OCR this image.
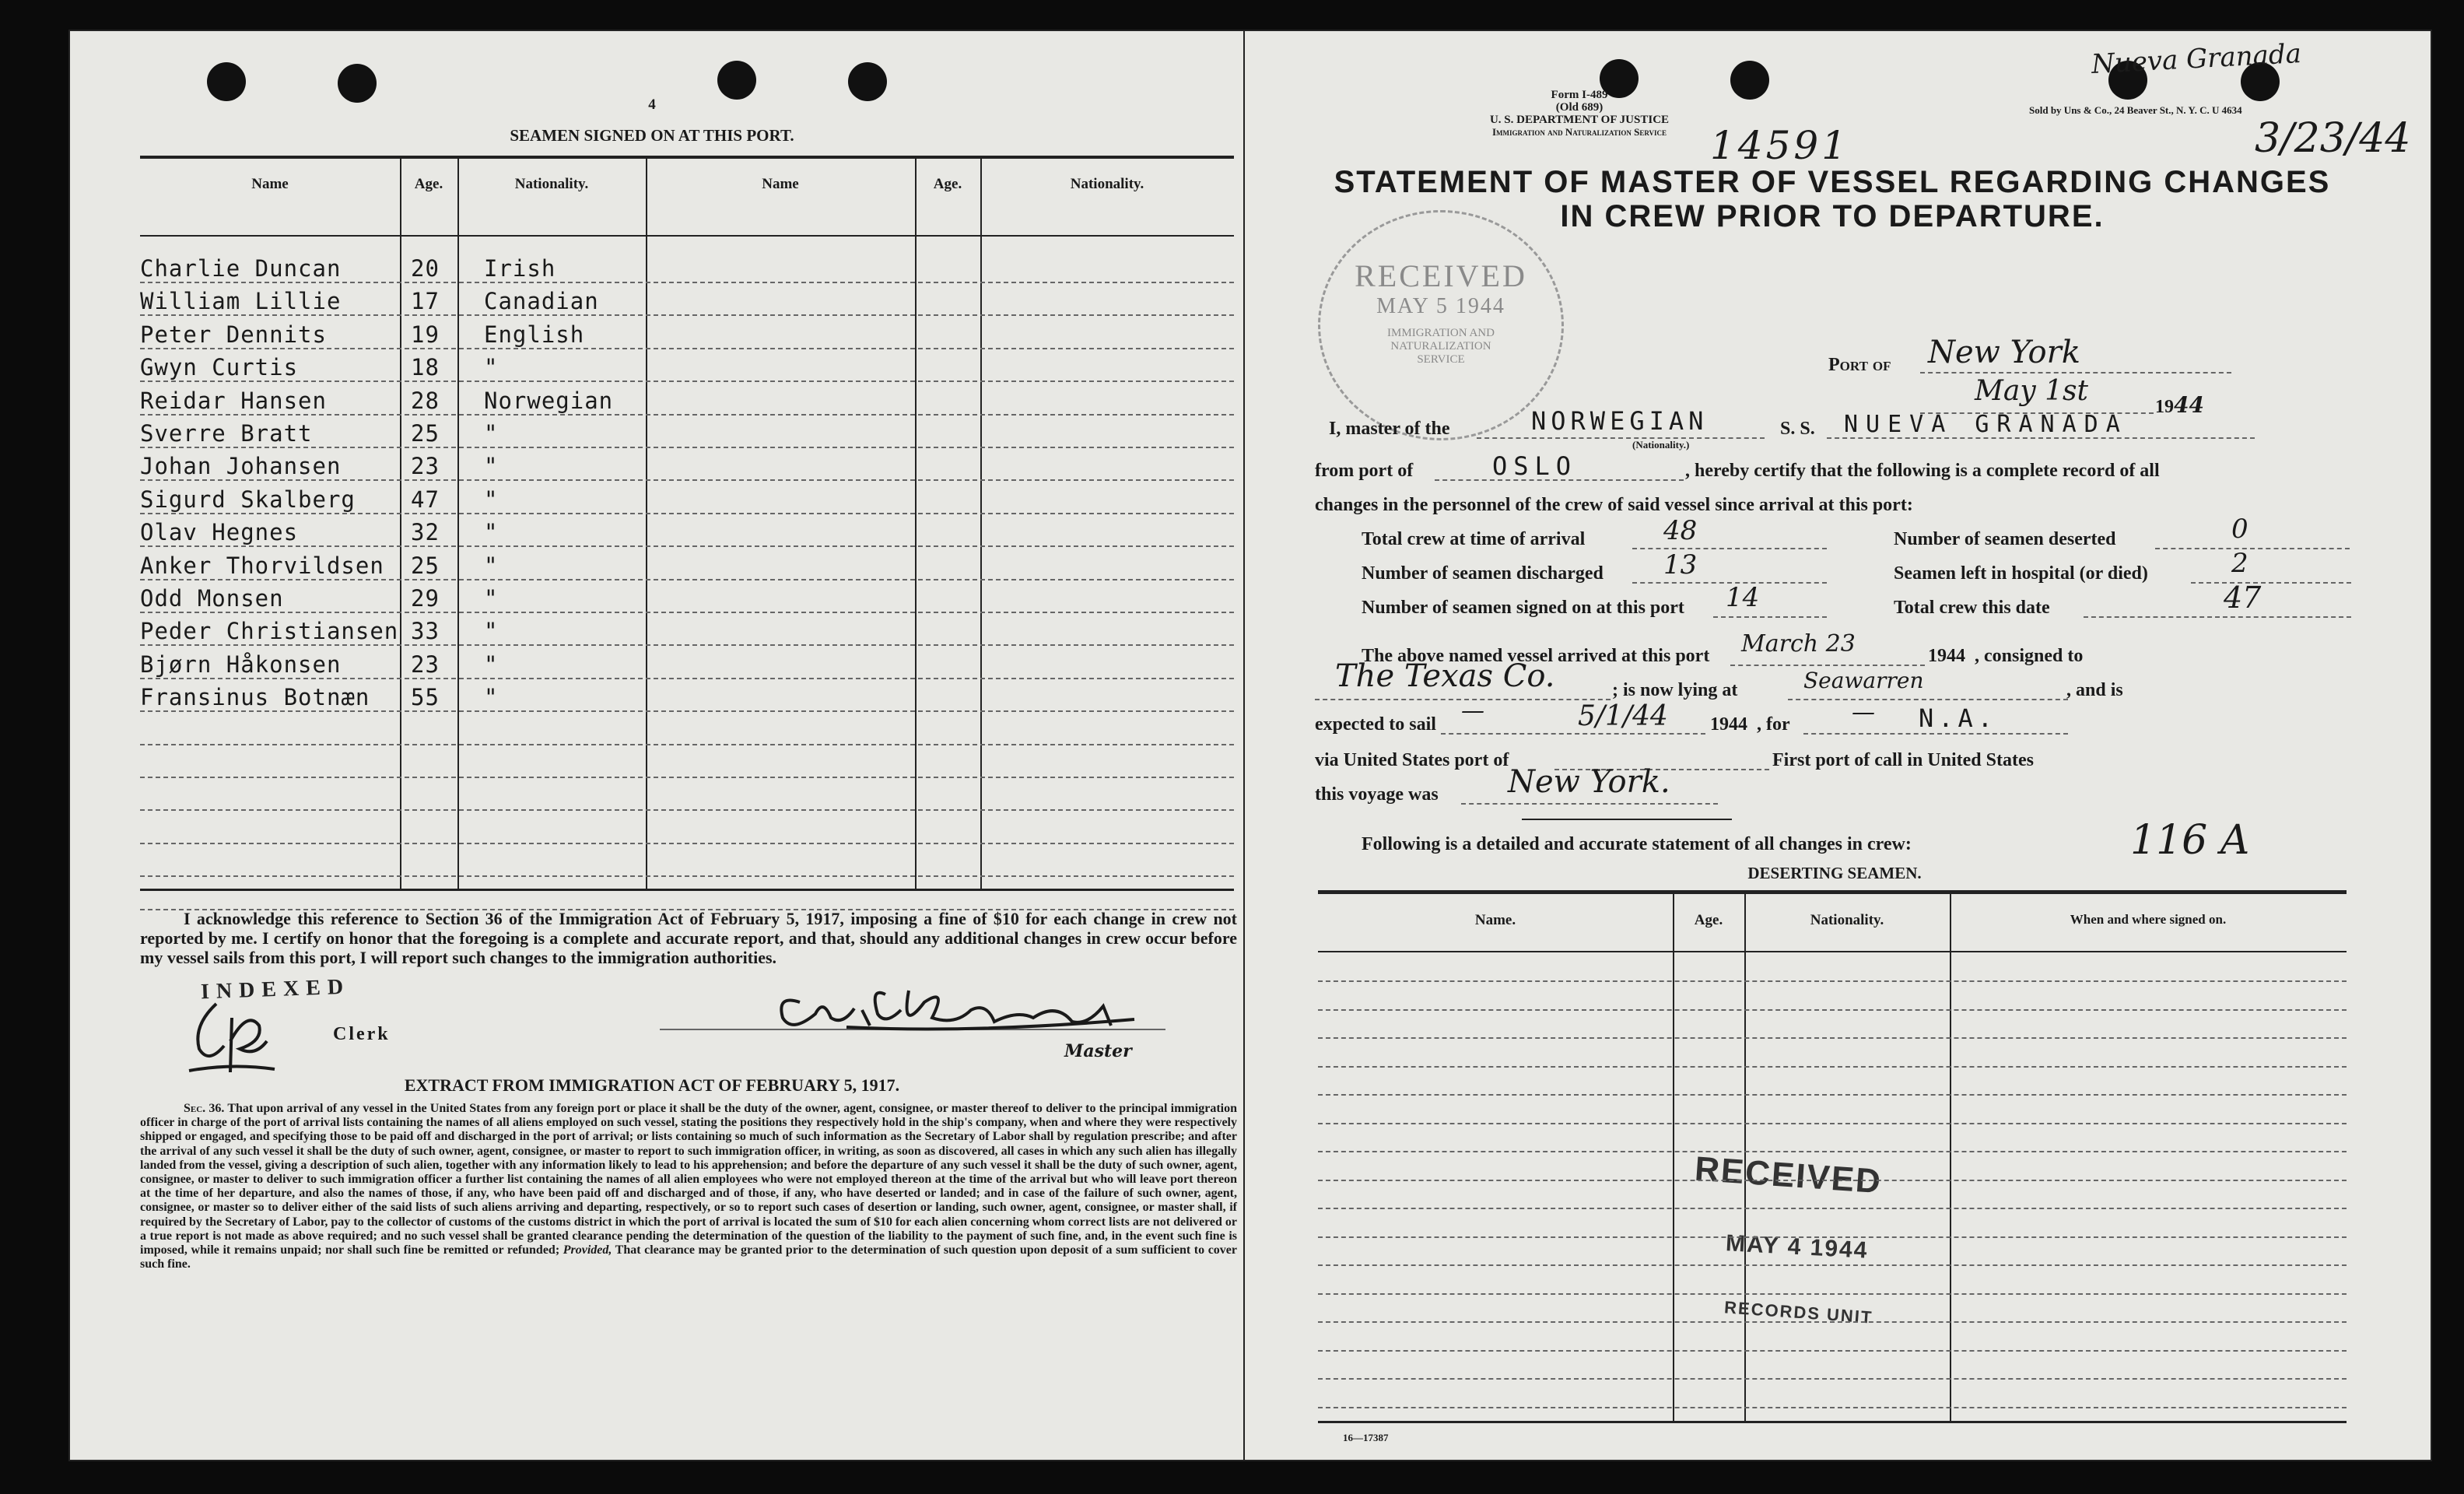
4
SEAMEN SIGNED ON AT THIS PORT.
Name	Age.	Nationality.	Name	Age.	Nationality.
I acknowledge this reference to Section 36 of the Immigration Act of February 5, 1917, imposing a fine of $10 for each change in crew not reported by me. I certify on honor that the foregoing is a complete and accurate report, and that, should any additional changes in crew occur before my vessel sails from this port, I will report such changes to the immigration authorities.
INDEXED
Clerk
Master
EXTRACT FROM IMMIGRATION ACT OF FEBRUARY 5, 1917.
Sec. 36. That upon arrival of any vessel in the United States from any foreign port or place it shall be the duty of the owner, agent, consignee, or master thereof to deliver to the principal immigration officer in charge of the port of arrival lists containing the names of all aliens employed on such vessel, stating the positions they respectively hold in the ship's company, when and where they were respectively shipped or engaged, and specifying those to be paid off and discharged in the port of arrival; or lists containing so much of such information as the Secretary of Labor shall by regulation prescribe; and after the arrival of any such vessel it shall be the duty of such owner, agent, consignee, or master to report to such immigration officer, in writing, as soon as discovered, all cases in which any such alien has illegally landed from the vessel, giving a description of such alien, together with any information likely to lead to his apprehension; and before the departure of any such vessel it shall be the duty of such owner, agent, consignee, or master to deliver to such immigration officer a further list containing the names of all alien employees who were not employed thereon at the time of the arrival but who will leave port thereon at the time of her departure, and also the names of those, if any, who have been paid off and discharged and of those, if any, who have deserted or landed; and in case of the failure of such owner, agent, consignee, or master so to deliver either of the said lists of such aliens arriving and departing, respectively, or so to report such cases of desertion or landing, such owner, agent, consignee, or master shall, if required by the Secretary of Labor, pay to the collector of customs of the customs district in which the port of arrival is located the sum of $10 for each alien concerning whom correct lists are not delivered or a true report is not made as above required; and no such vessel shall be granted clearance pending the determination of the question of the liability to the payment of such fine, and, in the event such fine is imposed, while it remains unpaid; nor shall such fine be remitted or refunded; Provided, That clearance may be granted prior to the determination of such question upon deposit of a sum sufficient to cover such fine.
Charlie Duncan	20 Irish
William Lillie	17 Canadian
Peter Dennits	19 English
Gwyn Curtis	18 "
Reidar Hansen	28 Norwegian
Sverre Bratt	25 "
Johan Johansen	23 "
Sigurd Skalberg 47 "
Olav Hegnes	32 "
Anker Thorvildsen 25 "
Odd Monsen	29 "
Peder Christiansen 33 "
Bjørn Håkonsen	23 "
Fransinus Botnæn 55 "
Nueva Granada
Form I-489
(Old 689)
U. S. DEPARTMENT OF JUSTICE
Immigration and Naturalization Service
Sold by Uns & Co., 24 Beaver St., N. Y. C. U 4634
14591	3/23/44
STATEMENT OF MASTER OF VESSEL REGARDING CHANGES
IN CREW PRIOR TO DEPARTURE.
RECEIVED
MAY 5 1944
IMMIGRATION AND NATURALIZATION SERVICE	Port of New York
May 1st	1944
I, master of the	NORWEGIAN
(Nationality.)
S. S. NUEVA GRANADA
from port of	OSLO	, hereby certify that the following is a complete record of all
changes in the personnel of the crew of said vessel since arrival at this port:
Total crew at time of arrival	48	Number of seamen deserted	0
Number of seamen discharged 13	Seamen left in hospital (or died)	2
Number of seamen signed on at this port 14	Total crew this date	47
The above named vessel arrived at this port March 23	1944 , consigned to
The Texas Co.	; is now lying at	Seawarren	, and is
expected to sail —	5/1/44 1944 , for	— N.A.
via United States port of	First port of call in United States
this voyage was New York.
Following is a detailed and accurate statement of all changes in crew:	116 A
DESERTING SEAMEN.
Name.	Age.	Nationality.	When and where signed on.
RECEIVED
MAY 4 1944
RECORDS UNIT
16—17387
